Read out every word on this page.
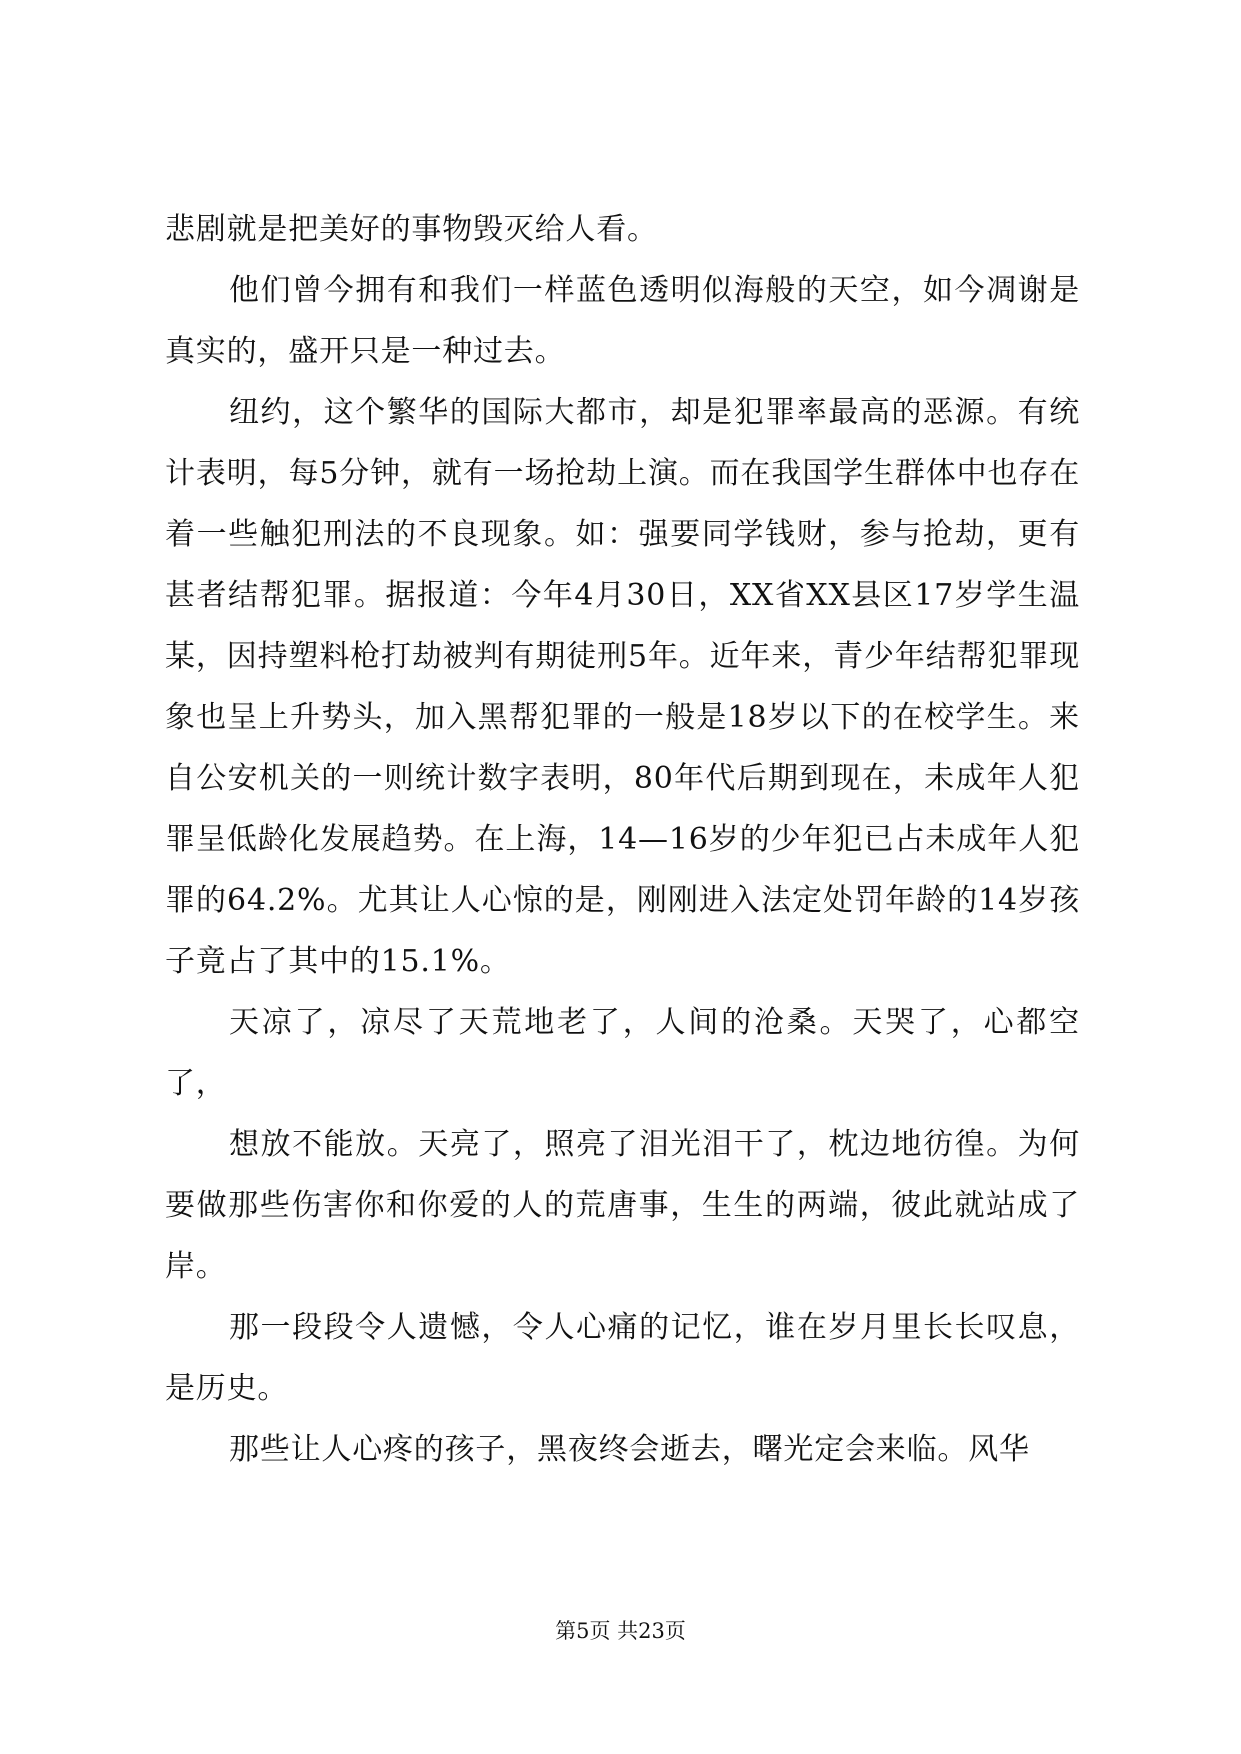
悲剧就是把美好的事物毁灭给人看。

他们曾今拥有和我们一样蓝色透明似海般的天空，如今凋谢是真实的，盛开只是一种过去。

纽约，这个繁华的国际大都市，却是犯罪率最高的恶源。有统计表明，每5分钟，就有一场抢劫上演。而在我国学生群体中也存在着一些触犯刑法的不良现象。如：强要同学钱财，参与抢劫，更有甚者结帮犯罪。据报道：今年4月30日，XX省XX县区17岁学生温某，因持塑料枪打劫被判有期徒刑5年。近年来，青少年结帮犯罪现象也呈上升势头，加入黑帮犯罪的一般是18岁以下的在校学生。来自公安机关的一则统计数字表明，80年代后期到现在，未成年人犯罪呈低龄化发展趋势。在上海，14—16岁的少年犯已占未成年人犯罪的64.2%。尤其让人心惊的是，刚刚进入法定处罚年龄的14岁孩子竟占了其中的15.1%。

天凉了，凉尽了天荒地老了，人间的沧桑。天哭了，心都空了，

想放不能放。天亮了，照亮了泪光泪干了，枕边地彷徨。为何要做那些伤害你和你爱的人的荒唐事，生生的两端，彼此就站成了岸。

那一段段令人遗憾，令人心痛的记忆，谁在岁月里长长叹息，是历史。

那些让人心疼的孩子，黑夜终会逝去，曙光定会来临。风华

第5页 共23页
